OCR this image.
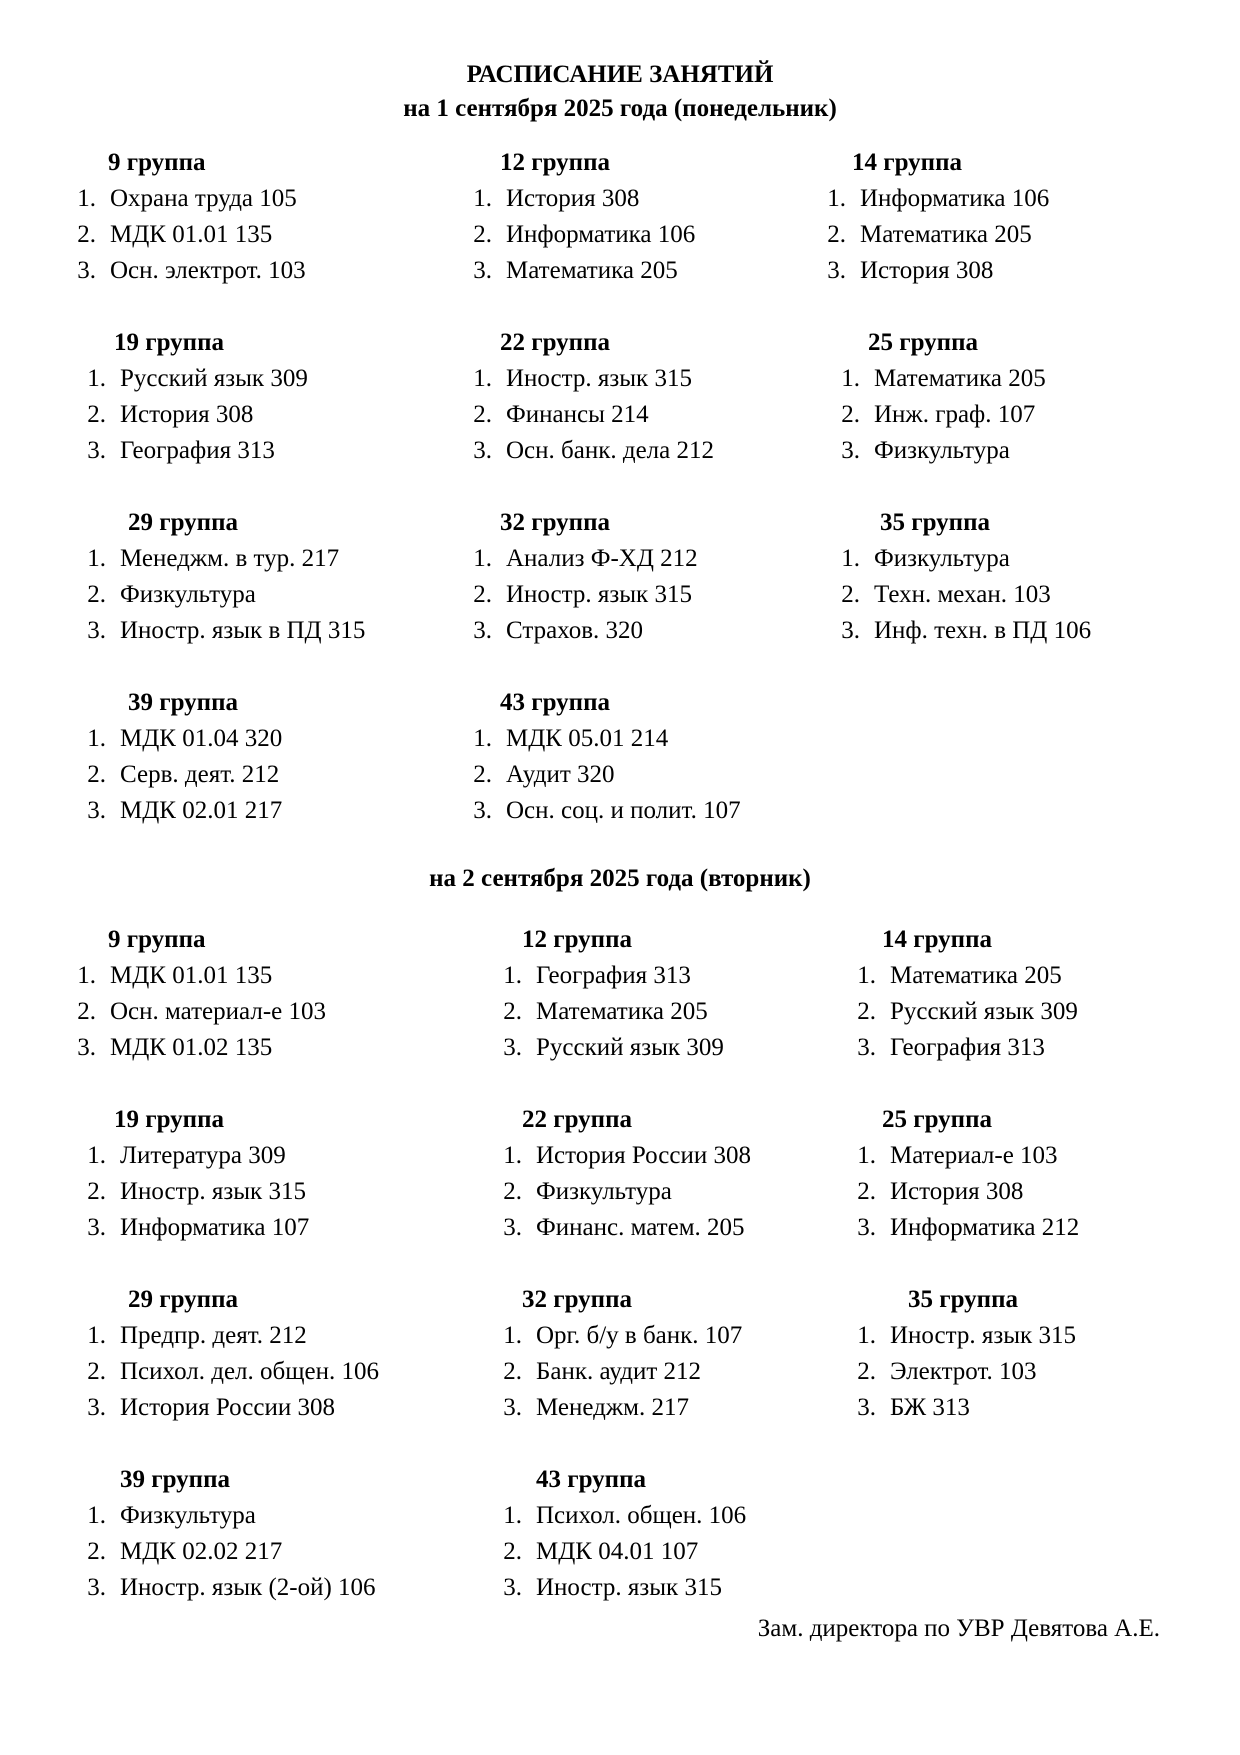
РАСПИСАНИЕ ЗАНЯТИЙ
на 1 сентября 2025 года (понедельник)
на 2 сентября 2025 года (вторник)
9 группа
1. Охрана труда 105
2. МДК 01.01 135
3. Осн. электрот. 103
12 группа
1. История 308
2. Информатика 106
3. Математика 205
14 группа
1. Информатика 106
2. Математика 205
3. История 308
19 группа
1. Русский язык 309
2. История 308
3. География 313
22 группа
1. Иностр. язык 315
2. Финансы 214
3. Осн. банк. дела 212
25 группа
1. Математика 205
2. Инж. граф. 107
3. Физкультура
29 группа
1. Менеджм. в тур. 217
2. Физкультура
3. Иностр. язык в ПД 315
32 группа
1. Анализ Ф-ХД 212
2. Иностр. язык 315
3. Страхов. 320
35 группа
1. Физкультура
2. Техн. механ. 103
3. Инф. техн. в ПД 106
39 группа
1. МДК 01.04 320
2. Серв. деят. 212
3. МДК 02.01 217
43 группа
1. МДК 05.01 214
2. Аудит 320
3. Осн. соц. и полит. 107
9 группа
1. МДК 01.01 135
2. Осн. материал-е 103
3. МДК 01.02 135
12 группа
1. География 313
2. Математика 205
3. Русский язык 309
14 группа
1. Математика 205
2. Русский язык 309
3. География 313
19 группа
1. Литература 309
2. Иностр. язык 315
3. Информатика 107
22 группа
1. История России 308
2. Физкультура
3. Финанс. матем. 205
25 группа
1. Материал-е 103
2. История 308
3. Информатика 212
29 группа
1. Предпр. деят. 212
2. Психол. дел. общен. 106
3. История России 308
32 группа
1. Орг. б/у в банк. 107
2. Банк. аудит 212
3. Менеджм. 217
35 группа
1. Иностр. язык 315
2. Электрот. 103
3. БЖ 313
39 группа
1. Физкультура
2. МДК 02.02 217
3. Иностр. язык (2-ой) 106
43 группа
1. Психол. общен. 106
2. МДК 04.01 107
3. Иностр. язык 315
Зам. директора по УВР Девятова А.Е.
